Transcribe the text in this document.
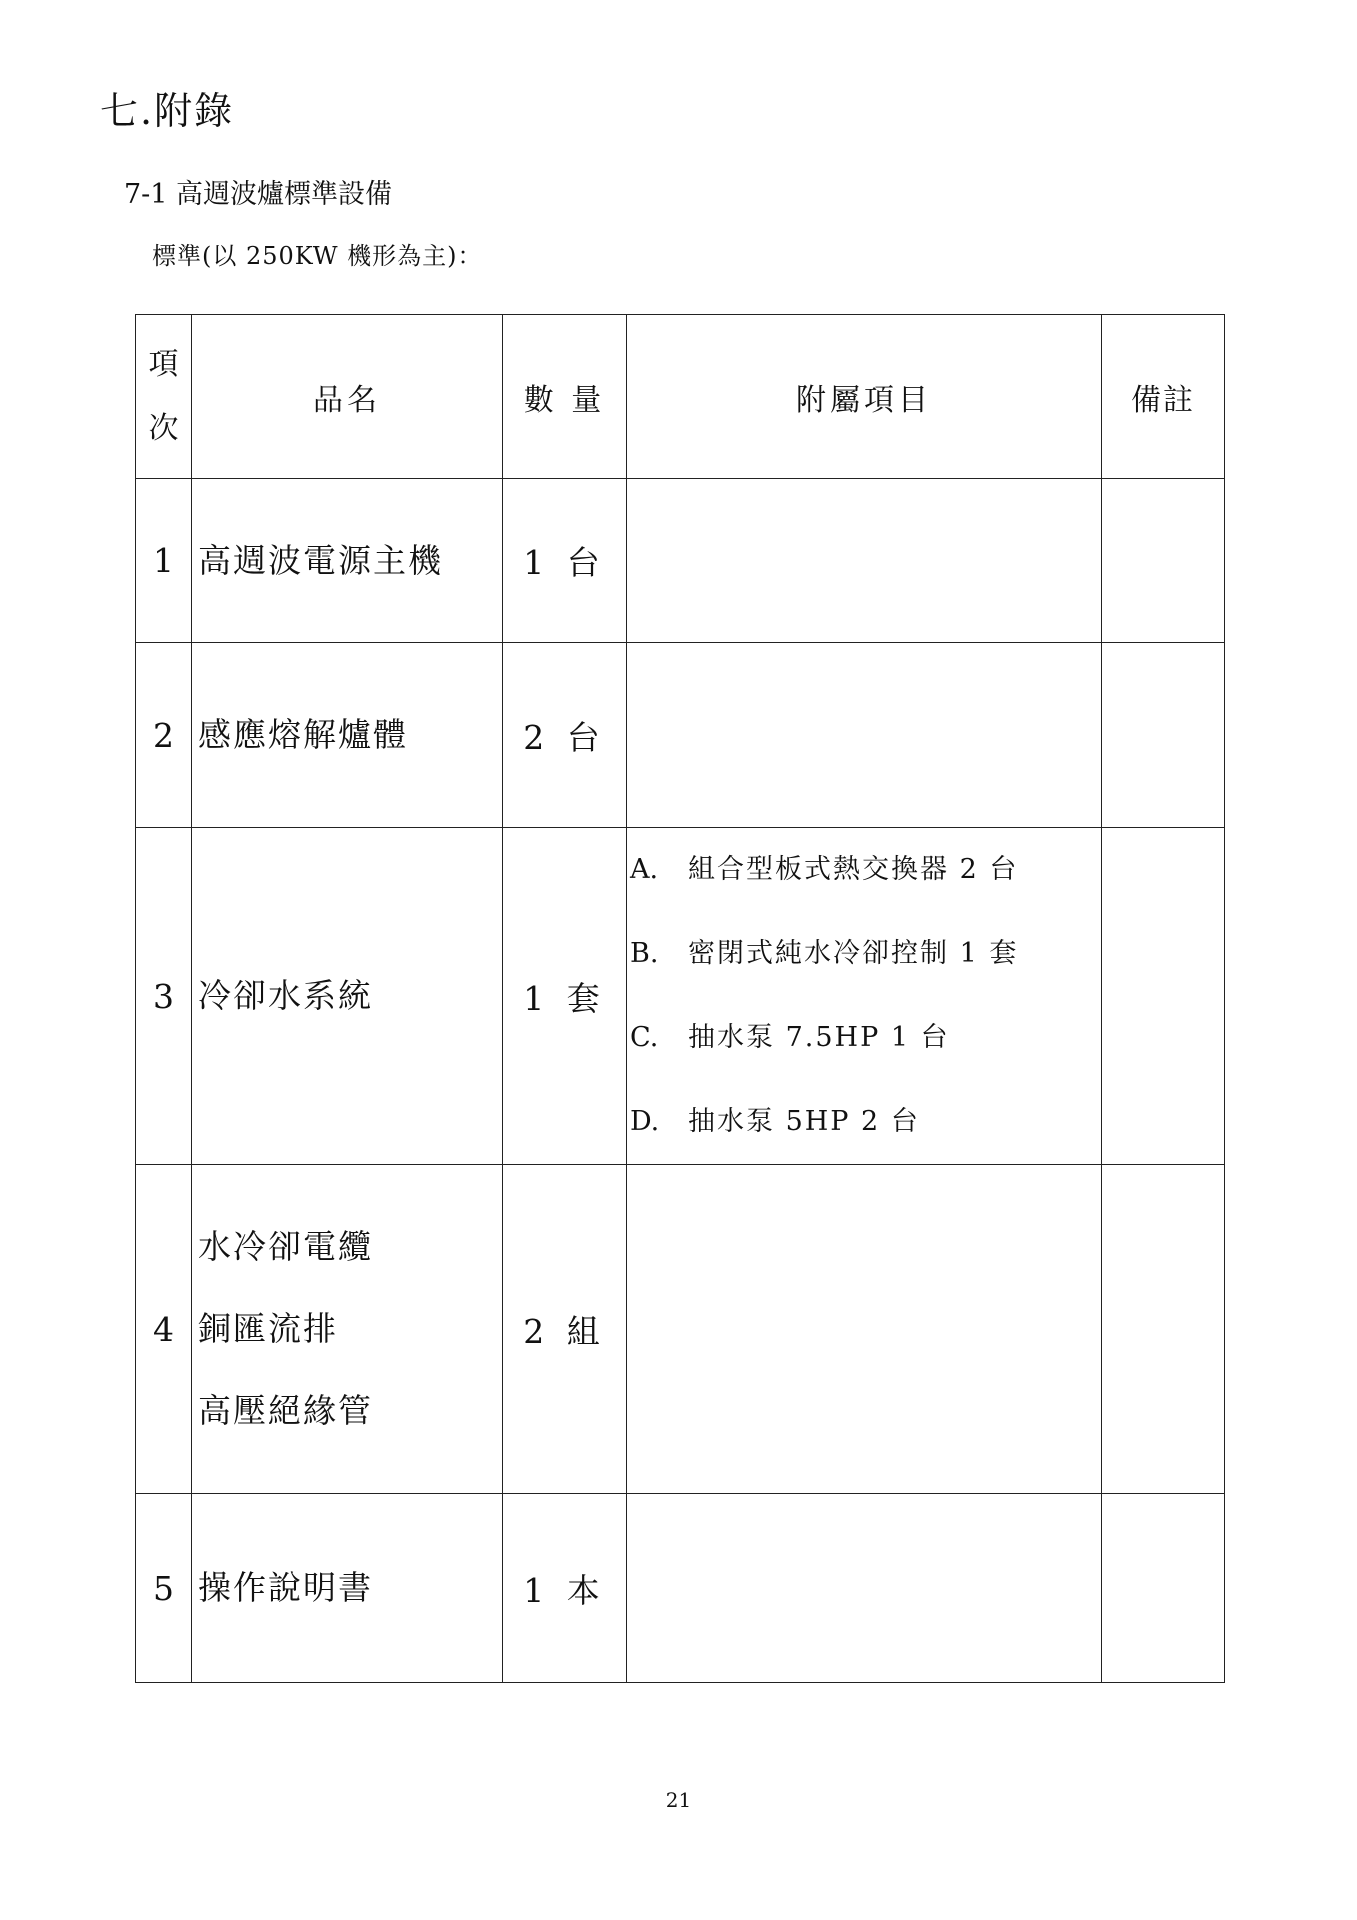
七.附錄
7-1 高週波爐標準設備

標準(以 250KW 機形為主)：

項
次	品名	數 量	附屬項目	備註
1	高週波電源主機	1 台		
2	感應熔解爐體	2 台		
3	冷卻水系統	1 套	A. 組合型板式熱交換器 2 台
B. 密閉式純水冷卻控制 1 套
C. 抽水泵 7.5HP 1 台
D. 抽水泵 5HP 2 台	

4	水冷卻電纜
銅匯流排
高壓絕緣管	2 組		
5	操作說明書	1 本		

21
